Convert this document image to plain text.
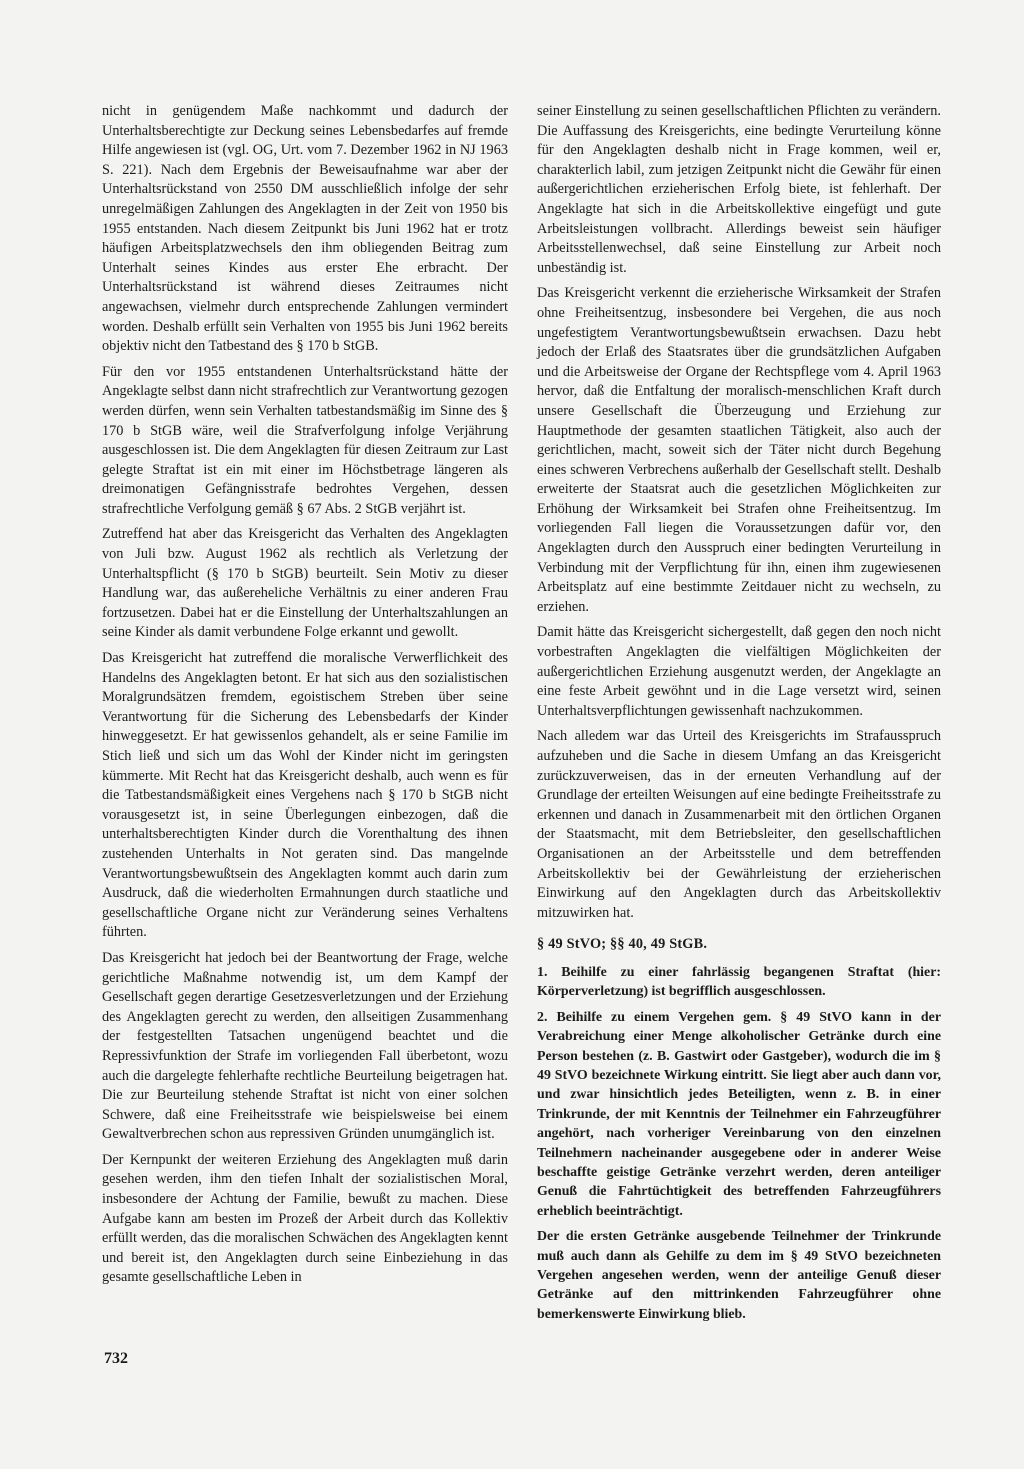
nicht in genügendem Maße nachkommt und dadurch der Unterhaltsberechtigte zur Deckung seines Lebensbedarfes auf fremde Hilfe angewiesen ist (vgl. OG, Urt. vom 7. Dezember 1962 in NJ 1963 S. 221). Nach dem Ergebnis der Beweisaufnahme war aber der Unterhaltsrückstand von 2550 DM ausschließlich infolge der sehr unregelmäßigen Zahlungen des Angeklagten in der Zeit von 1950 bis 1955 entstanden. Nach diesem Zeitpunkt bis Juni 1962 hat er trotz häufigen Arbeitsplatzwechsels den ihm obliegenden Beitrag zum Unterhalt seines Kindes aus erster Ehe erbracht. Der Unterhaltsrückstand ist während dieses Zeitraumes nicht angewachsen, vielmehr durch entsprechende Zahlungen vermindert worden. Deshalb erfüllt sein Verhalten von 1955 bis Juni 1962 bereits objektiv nicht den Tatbestand des § 170 b StGB.

Für den vor 1955 entstandenen Unterhaltsrückstand hätte der Angeklagte selbst dann nicht strafrechtlich zur Verantwortung gezogen werden dürfen, wenn sein Verhalten tatbestandsmäßig im Sinne des § 170 b StGB wäre, weil die Strafverfolgung infolge Verjährung ausgeschlossen ist. Die dem Angeklagten für diesen Zeitraum zur Last gelegte Straftat ist ein mit einer im Höchstbetrage längeren als dreimonatigen Gefängnisstrafe bedrohtes Vergehen, dessen strafrechtliche Verfolgung gemäß § 67 Abs. 2 StGB verjährt ist.

Zutreffend hat aber das Kreisgericht das Verhalten des Angeklagten von Juli bzw. August 1962 als rechtlich als Verletzung der Unterhaltspflicht (§ 170 b StGB) beurteilt. Sein Motiv zu dieser Handlung war, das außereheliche Verhältnis zu einer anderen Frau fortzusetzen. Dabei hat er die Einstellung der Unterhaltszahlungen an seine Kinder als damit verbundene Folge erkannt und gewollt.

Das Kreisgericht hat zutreffend die moralische Verwerflichkeit des Handelns des Angeklagten betont. Er hat sich aus den sozialistischen Moralgrundsätzen fremdem, egoistischem Streben über seine Verantwortung für die Sicherung des Lebensbedarfs der Kinder hinweggesetzt. Er hat gewissenlos gehandelt, als er seine Familie im Stich ließ und sich um das Wohl der Kinder nicht im geringsten kümmerte. Mit Recht hat das Kreisgericht deshalb, auch wenn es für die Tatbestandsmäßigkeit eines Vergehens nach § 170 b StGB nicht vorausgesetzt ist, in seine Überlegungen einbezogen, daß die unterhaltsberechtigten Kinder durch die Vorenthaltung des ihnen zustehenden Unterhalts in Not geraten sind. Das mangelnde Verantwortungsbewußtsein des Angeklagten kommt auch darin zum Ausdruck, daß die wiederholten Ermahnungen durch staatliche und gesellschaftliche Organe nicht zur Veränderung seines Verhaltens führten.

Das Kreisgericht hat jedoch bei der Beantwortung der Frage, welche gerichtliche Maßnahme notwendig ist, um dem Kampf der Gesellschaft gegen derartige Gesetzesverletzungen und der Erziehung des Angeklagten gerecht zu werden, den allseitigen Zusammenhang der festgestellten Tatsachen ungenügend beachtet und die Repressivfunktion der Strafe im vorliegenden Fall überbetont, wozu auch die dargelegte fehlerhafte rechtliche Beurteilung beigetragen hat. Die zur Beurteilung stehende Straftat ist nicht von einer solchen Schwere, daß eine Freiheitsstrafe wie beispielsweise bei einem Gewaltverbrechen schon aus repressiven Gründen unumgänglich ist.

Der Kernpunkt der weiteren Erziehung des Angeklagten muß darin gesehen werden, ihm den tiefen Inhalt der sozialistischen Moral, insbesondere der Achtung der Familie, bewußt zu machen. Diese Aufgabe kann am besten im Prozeß der Arbeit durch das Kollektiv erfüllt werden, das die moralischen Schwächen des Angeklagten kennt und bereit ist, den Angeklagten durch seine Einbeziehung in das gesamte gesellschaftliche Leben in

seiner Einstellung zu seinen gesellschaftlichen Pflichten zu verändern. Die Auffassung des Kreisgerichts, eine bedingte Verurteilung könne für den Angeklagten deshalb nicht in Frage kommen, weil er, charakterlich labil, zum jetzigen Zeitpunkt nicht die Gewähr für einen außergerichtlichen erzieherischen Erfolg biete, ist fehlerhaft. Der Angeklagte hat sich in die Arbeitskollektive eingefügt und gute Arbeitsleistungen vollbracht. Allerdings beweist sein häufiger Arbeitsstellenwechsel, daß seine Einstellung zur Arbeit noch unbeständig ist.

Das Kreisgericht verkennt die erzieherische Wirksamkeit der Strafen ohne Freiheitsentzug, insbesondere bei Vergehen, die aus noch ungefestigtem Verantwortungsbewußtsein erwachsen. Dazu hebt jedoch der Erlaß des Staatsrates über die grundsätzlichen Aufgaben und die Arbeitsweise der Organe der Rechtspflege vom 4. April 1963 hervor, daß die Entfaltung der moralisch-menschlichen Kraft durch unsere Gesellschaft die Überzeugung und Erziehung zur Hauptmethode der gesamten staatlichen Tätigkeit, also auch der gerichtlichen, macht, soweit sich der Täter nicht durch Begehung eines schweren Verbrechens außerhalb der Gesellschaft stellt. Deshalb erweiterte der Staatsrat auch die gesetzlichen Möglichkeiten zur Erhöhung der Wirksamkeit bei Strafen ohne Freiheitsentzug. Im vorliegenden Fall liegen die Voraussetzungen dafür vor, den Angeklagten durch den Ausspruch einer bedingten Verurteilung in Verbindung mit der Verpflichtung für ihn, einen ihm zugewiesenen Arbeitsplatz auf eine bestimmte Zeitdauer nicht zu wechseln, zu erziehen.

Damit hätte das Kreisgericht sichergestellt, daß gegen den noch nicht vorbestraften Angeklagten die vielfältigen Möglichkeiten der außergerichtlichen Erziehung ausgenutzt werden, der Angeklagte an eine feste Arbeit gewöhnt und in die Lage versetzt wird, seinen Unterhaltsverpflichtungen gewissenhaft nachzukommen.

Nach alledem war das Urteil des Kreisgerichts im Strafausspruch aufzuheben und die Sache in diesem Umfang an das Kreisgericht zurückzuverweisen, das in der erneuten Verhandlung auf der Grundlage der erteilten Weisungen auf eine bedingte Freiheitsstrafe zu erkennen und danach in Zusammenarbeit mit den örtlichen Organen der Staatsmacht, mit dem Betriebsleiter, den gesellschaftlichen Organisationen an der Arbeitsstelle und dem betreffenden Arbeitskollektiv bei der Gewährleistung der erzieherischen Einwirkung auf den Angeklagten durch das Arbeitskollektiv mitzuwirken hat.

§ 49 StVO; §§ 40, 49 StGB.

1. Beihilfe zu einer fahrlässig begangenen Straftat (hier: Körperverletzung) ist begrifflich ausgeschlossen.

2. Beihilfe zu einem Vergehen gem. § 49 StVO kann in der Verabreichung einer Menge alkoholischer Getränke durch eine Person bestehen (z. B. Gastwirt oder Gastgeber), wodurch die im § 49 StVO bezeichnete Wirkung eintritt. Sie liegt aber auch dann vor, und zwar hinsichtlich jedes Beteiligten, wenn z. B. in einer Trinkrunde, der mit Kenntnis der Teilnehmer ein Fahrzeugführer angehört, nach vorheriger Vereinbarung von den einzelnen Teilnehmern nacheinander ausgegebene oder in anderer Weise beschaffte geistige Getränke verzehrt werden, deren anteiliger Genuß die Fahrtüchtigkeit des betreffenden Fahrzeugführers erheblich beeinträchtigt.

Der die ersten Getränke ausgebende Teilnehmer der Trinkrunde muß auch dann als Gehilfe zu dem im § 49 StVO bezeichneten Vergehen angesehen werden, wenn der anteilige Genuß dieser Getränke auf den mittrinkenden Fahrzeugführer ohne bemerkenswerte Einwirkung blieb.

732
